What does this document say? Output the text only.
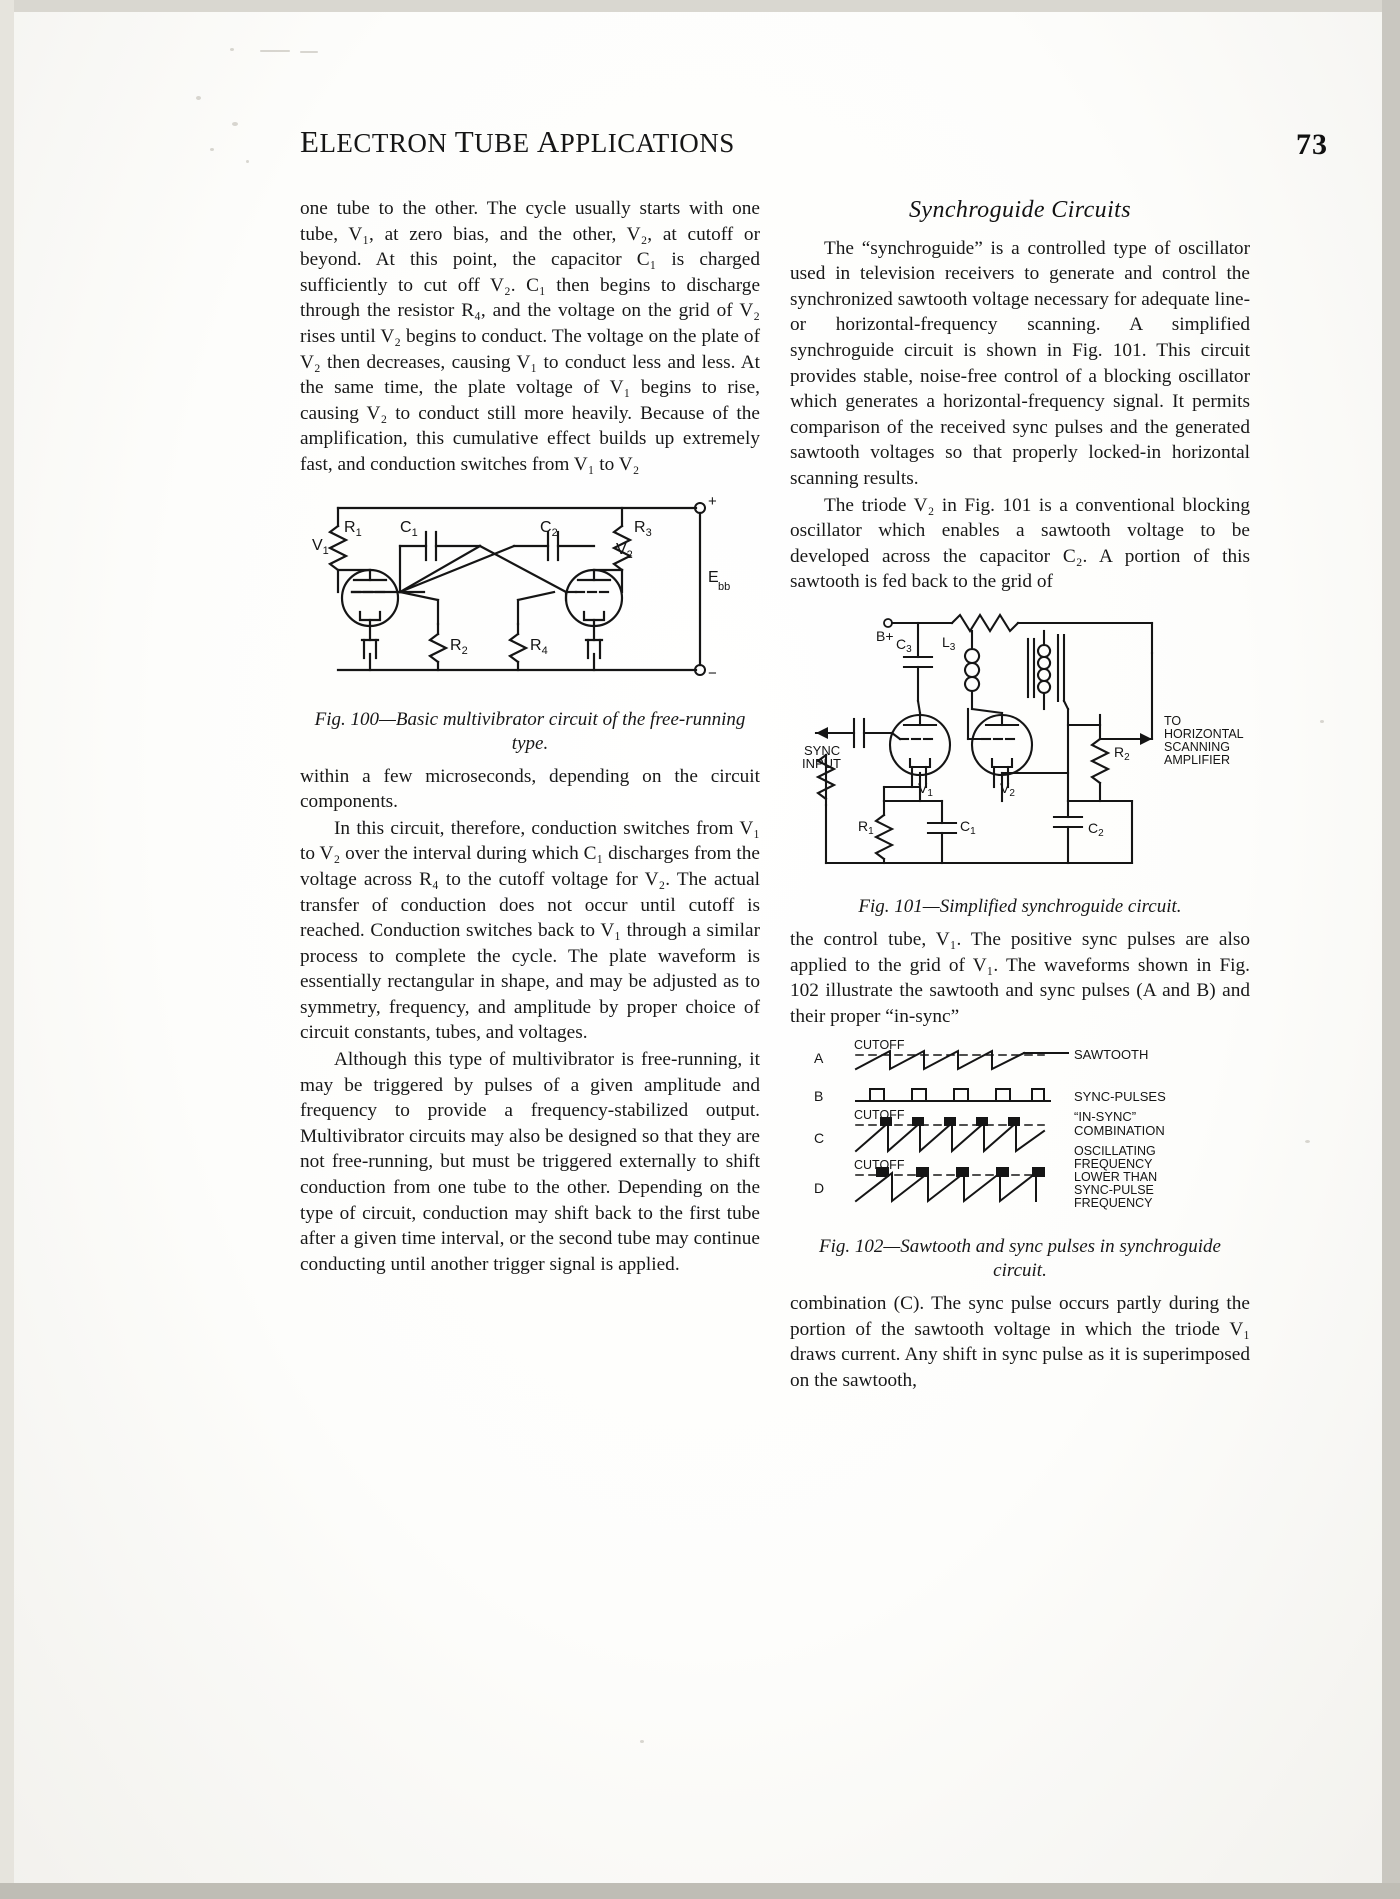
ELECTRON TUBE APPLICATIONS	73

one tube to the other. The cycle usually starts with one tube, V₁, at zero bias, and the other, V₂, at cutoff or beyond. At this point, the capacitor C₁ is charged sufficiently to cut off V₂. C₁ then begins to discharge through the resistor R₄, and the voltage on the grid of V₂ rises until V₂ begins to conduct. The voltage on the plate of V₂ then decreases, causing V₁ to conduct less and less. At the same time, the plate voltage of V₁ begins to rise, causing V₂ to conduct still more heavily. Because of the amplification, this cumulative effect builds up extremely fast, and conduction switches from V₁ to V₂

$R_1$ $C_1$	$C_2$	$R_3$
$V_1$	$V_2$
E
bb
$R_2$	$R_4$
+
−
Fig. 100—Basic multivibrator circuit of the free-running type.

within a few microseconds, depending on the circuit components.

In this circuit, therefore, conduction switches from V₁ to V₂ over the interval during which C₁ discharges from the voltage across R₄ to the cutoff voltage for V₂. The actual transfer of conduction does not occur until cutoff is reached. Conduction switches back to V₁ through a similar process to complete the cycle. The plate waveform is essentially rectangular in shape, and may be adjusted as to symmetry, frequency, and amplitude by proper choice of circuit constants, tubes, and voltages.

Although this type of multivibrator is free-running, it may be triggered by pulses of a given amplitude and frequency to provide a frequency-stabilized output. Multivibrator circuits may also be designed so that they are not free-running, but must be triggered externally to shift conduction from one tube to the other. Depending on the type of circuit, conduction may shift back to the first tube after a given time interval, or the second tube may continue conducting until another trigger signal is applied.

Synchroguide Circuits

The “synchroguide” is a controlled type of oscillator used in television receivers to generate and control the synchronized sawtooth voltage necessary for adequate line- or horizontal-frequency scanning. A simplified synchroguide circuit is shown in Fig. 101. This circuit provides stable, noise-free control of a blocking oscillator which generates a horizontal-frequency signal. It permits comparison of the received sync pulses and the generated sawtooth voltages so that properly locked-in horizontal scanning results.

The triode V₂ in Fig. 101 is a conventional blocking oscillator which enables a sawtooth voltage to be developed across the capacitor C₂. A portion of this sawtooth is fed back to the grid of

$B+ C_3$ $L_3$
SYNC
INPUT
$V_1$	$V_2$
$R_2$
$R_1$	$C_1$	$C_2$
TO
HORIZONTAL
SCANNING
AMPLIFIER
Fig. 101—Simplified synchroguide circuit.

the control tube, V₁. The positive sync pulses are also applied to the grid of V₁. The waveforms shown in Fig. 102 illustrate the sawtooth and sync pulses (A and B) and their proper “in-sync”

A
CUTOFF
SAWTOOTH
B	SYNC-PULSES
C
CUTOFF	“IN-SYNC”
COMBINATION
D
CUTOFF
OSCILLATING
FREQUENCY
LOWER THAN
SYNC-PULSE
FREQUENCY
Fig. 102—Sawtooth and sync pulses in synchroguide circuit.

combination (C). The sync pulse occurs partly during the portion of the sawtooth voltage in which the triode V₁ draws current. Any shift in sync pulse as it is superimposed on the sawtooth,
